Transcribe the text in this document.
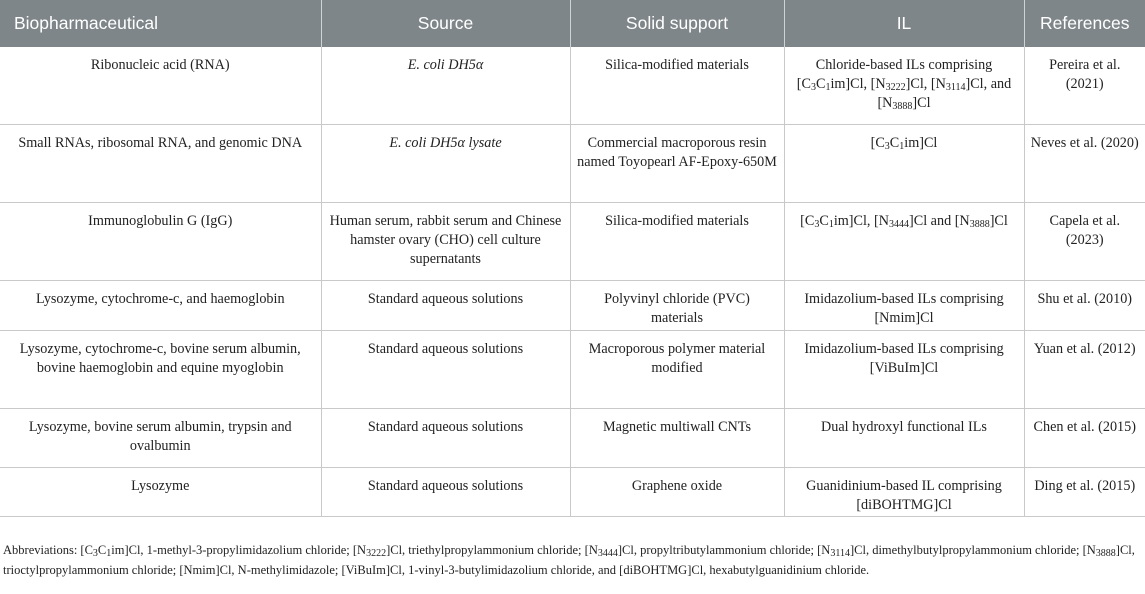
Biopharmaceutical	Source	Solid support	IL	References
Ribonucleic acid (RNA)	E. coli DH5α	Silica-modified materials	Chloride-based ILs comprising $[C_3C_1im]Cl$, $[N_{3222}]Cl$, $[N_{3114}]Cl$, and $[N_{3888}]Cl$	Pereira et al. (2021)
Small RNAs, ribosomal RNA, and genomic DNA	E. coli DH5α lysate	Commercial macroporous resin named Toyopearl AF-Epoxy-650M	$[C_3C_1im]Cl$	Neves et al. (2020)
Immunoglobulin G (IgG)	Human serum, rabbit serum and Chinese hamster ovary (CHO) cell culture supernatants	Silica-modified materials	$[C_3C_1im]Cl$, $[N_{3444}]Cl$ and $[N_{3888}]Cl$	Capela et al. (2023)
Lysozyme, cytochrome-c, and haemoglobin	Standard aqueous solutions	Polyvinyl chloride (PVC) materials	Imidazolium-based ILs comprising [Nmim]Cl	Shu et al. (2010)
Lysozyme, cytochrome-c, bovine serum albumin, bovine haemoglobin and equine myoglobin	Standard aqueous solutions	Macroporous polymer material modified	Imidazolium-based ILs comprising [ViBuIm]Cl	Yuan et al. (2012)
Lysozyme, bovine serum albumin, trypsin and ovalbumin	Standard aqueous solutions	Magnetic multiwall CNTs	Dual hydroxyl functional ILs	Chen et al. (2015)
Lysozyme	Standard aqueous solutions	Graphene oxide	Guanidinium-based IL comprising [diBOHTMG]Cl	Ding et al. (2015)
Abbreviations: $[C_3C_1im]Cl$, 1-methyl-3-propylimidazolium chloride; $[N_{3222}]Cl$, triethylpropylammonium chloride; $[N_{3444}]Cl$, propyltributylammonium chloride; $[N_{3114}]Cl$, dimethylbutylpropylammonium chloride; $[N_{3888}]Cl$, trioctylpropylammonium chloride; [Nmim]Cl, N-methylimidazole; [ViBuIm]Cl, 1-vinyl-3-butylimidazolium chloride, and [diBOHTMG]Cl, hexabutylguanidinium chloride.
